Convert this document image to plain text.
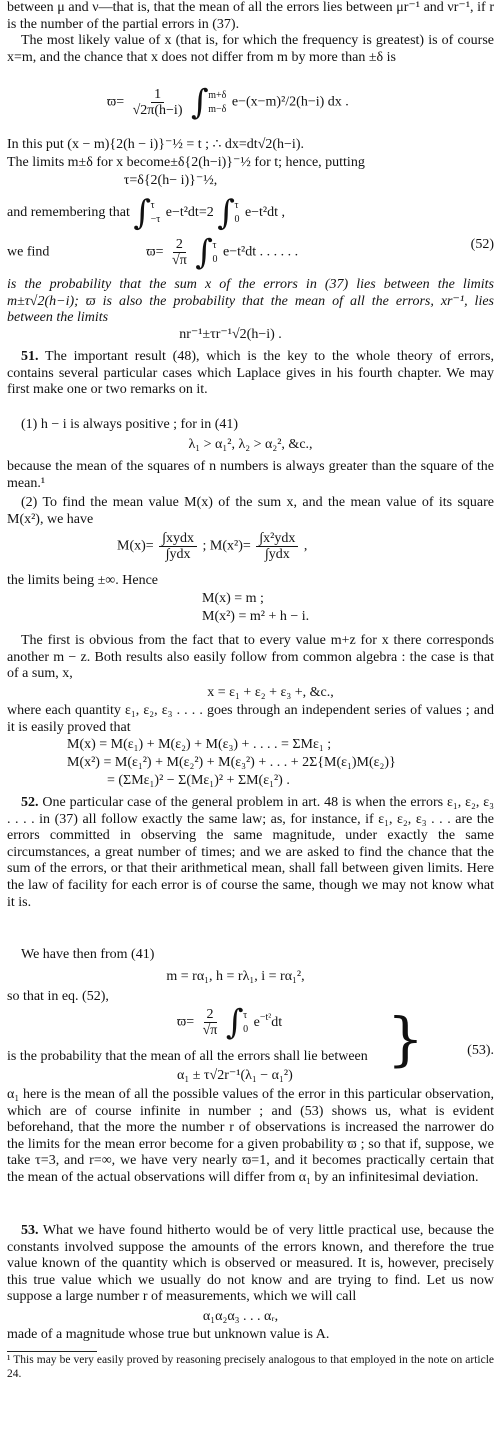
between μ and ν—that is, that the mean of all the errors lies between μr⁻¹ and νr⁻¹, if r is the number of the partial errors in (37).

The most likely value of x (that is, for which the frequency is greatest) is of course x=m, and the chance that x does not differ from m by more than ±δ is

$ϖ= \frac{1}{√2\pi(h-i)}$ ∫ m+δ
m−δ e−(x−m)²/2(h−i) dx .

In this put (x − m){2(h − i)}⁻½ = t ; ∴ dx=dt√2(h−i).

The limits m±δ for x become±δ{2(h−i)}⁻½ for t; hence, putting

τ=δ{2(h− i)}⁻½,

and remembering that ∫ τ
−τ e−t²dt=2 ∫ τ
0 e−t²dt ,
we find	$ϖ= \frac{2}{√\pi}$ ∫ τ
0 e−t²dt . . . . . .
(52)

is the probability that the sum x of the errors in (37) lies between the limits m±τ√2(h−i); ϖ is also the probability that the mean of all the errors, xr⁻¹, lies between the limits

nr⁻¹±τr⁻¹√2(h−i) .

51. The important result (48), which is the key to the whole theory of errors, contains several particular cases which Laplace gives in his fourth chapter. We may first make one or two remarks on it.

(1) h − i is always positive ; for in (41)

λ₁ > α₁², λ₂ > α₂², &c.,

because the mean of the squares of n numbers is always greater than the square of the mean.¹

(2) To find the mean value M(x) of the sum x, and the mean value of its square M(x²), we have

$M(x)= \frac{\text{∫xydx}}{\text{∫ydx}}$ ; $M(x^2)= \frac{\text{∫x²ydx}}{\text{∫ydx}}$ ,

the limits being ±∞. Hence

M(x) = m ;

M(x²) = m² + h − i.

The first is obvious from the fact that to every value m+z for x there corresponds another m − z. Both results also easily follow from common algebra : the case is that of a sum, x,

x = ε₁ + ε₂ + ε₃ +, &c.,

where each quantity ε₁, ε₂, ε₃ . . . . goes through an independent series of values ; and it is easily proved that

M(x) = M(ε₁) + M(ε₂) + M(ε₃) + . . . . = ΣMε₁ ;

M(x²) = M(ε₁²) + M(ε₂²) + M(ε₃²) + . . . + 2Σ{M(ε₁)M(ε₂)}

= (ΣMε₁)² − Σ(Mε₁)² + ΣM(ε₁²) .

52. One particular case of the general problem in art. 48 is when the errors ε₁, ε₂, ε₃ . . . . in (37) all follow exactly the same law; as, for instance, if ε₁, ε₂, ε₃ . . . are the errors committed in observing the same magnitude, under exactly the same circumstances, a great number of times; and we are asked to find the chance that the sum of the errors, or that their arithmetical mean, shall fall between given limits. Here the law of facility for each error is of course the same, though we may not know what it is.

We have then from (41)

m = rα₁, h = rλ₁, i = rα₁²,

so that in eq. (52),

$ϖ= \frac{2}{√\pi}$ ∫ τ
0 $e^{-t^2}dt$

is the probability that the mean of all the errors shall lie between

α₁ ± τ√2r⁻¹(λ₁ − α₁²)

}	(53).

α₁ here is the mean of all the possible values of the error in this particular observation, which are of course infinite in number ; and (53) shows us, what is evident beforehand, that the more the number r of observations is increased the narrower do the limits for the mean error become for a given probability ϖ ; so that if, suppose, we take τ=3, and r=∞, we have very nearly ϖ=1, and it becomes practically certain that the mean of the actual observations will differ from α₁ by an infinitesimal deviation.

53. What we have found hitherto would be of very little practical use, because the constants involved suppose the amounts of the errors known, and therefore the true value known of the quantity which is observed or measured. It is, however, precisely this true value which we usually do not know and are trying to find. Let us now suppose a large number r of measurements, which we will call

α₁α₂α₃ . . . αᵣ,

made of a magnitude whose true but unknown value is A.

¹ This may be very easily proved by reasoning precisely analogous to that employed in the note on article 24.
